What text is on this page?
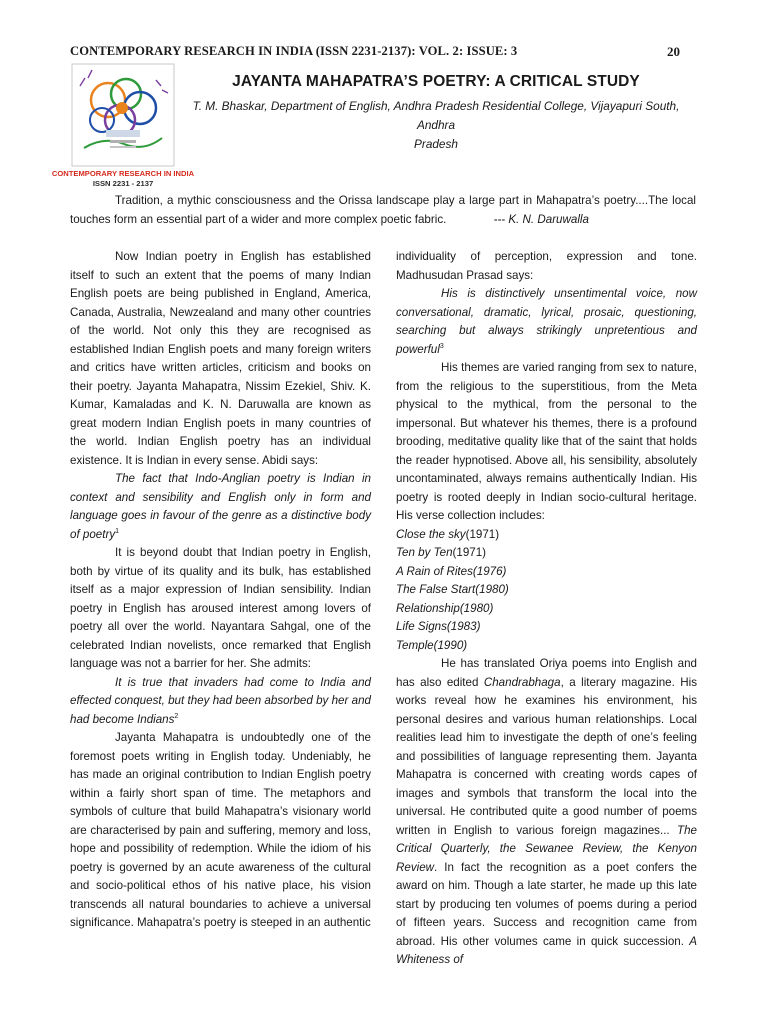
CONTEMPORARY RESEARCH IN INDIA (ISSN 2231-2137): VOL. 2: ISSUE: 3	20
CONTEMPORARY RESEARCH IN INDIA
ISSN 2231 - 2137
JAYANTA MAHAPATRA’S POETRY: A CRITICAL STUDY
T. M. Bhaskar, Department of English, Andhra Pradesh Residential College, Vijayapuri South, Andhra
Pradesh
Tradition, a mythic consciousness and the Orissa landscape play a large part in Mahapatra’s poetry....The local touches form an essential part of a wider and more complex poetic fabric.	--- K. N. Daruwalla

Now Indian poetry in English has established itself to such an extent that the poems of many Indian English poets are being published in England, America, Canada, Australia, Newzealand and many other countries of the world. Not only this they are recognised as established Indian English poets and many foreign writers and critics have written articles, criticism and books on their poetry. Jayanta Mahapatra, Nissim Ezekiel, Shiv. K. Kumar, Kamaladas and K. N. Daruwalla are known as great modern Indian English poets in many countries of the world. Indian English poetry has an individual existence. It is Indian in every sense. Abidi says:

The fact that Indo-Anglian poetry is Indian in context and sensibility and English only in form and language goes in favour of the genre as a distinctive body of poetry$^1$

It is beyond doubt that Indian poetry in English, both by virtue of its quality and its bulk, has established itself as a major expression of Indian sensibility. Indian poetry in English has aroused interest among lovers of poetry all over the world. Nayantara Sahgal, one of the celebrated Indian novelists, once remarked that English language was not a barrier for her. She admits:

It is true that invaders had come to India and effected conquest, but they had been absorbed by her and had become Indians$^2$

Jayanta Mahapatra is undoubtedly one of the foremost poets writing in English today. Undeniably, he has made an original contribution to Indian English poetry within a fairly short span of time. The metaphors and symbols of culture that build Mahapatra’s visionary world are characterised by pain and suffering, memory and loss, hope and possibility of redemption. While the idiom of his poetry is governed by an acute awareness of the cultural and socio-political ethos of his native place, his vision transcends all natural boundaries to achieve a universal significance. Mahapatra’s poetry is steeped in an authentic

individuality of perception, expression and tone. Madhusudan Prasad says:

His is distinctively unsentimental voice, now conversational, dramatic, lyrical, prosaic, questioning, searching but always strikingly unpretentious and powerful$^3$

His themes are varied ranging from sex to nature, from the religious to the superstitious, from the Meta physical to the mythical, from the personal to the impersonal. But whatever his themes, there is a profound brooding, meditative quality like that of the saint that holds the reader hypnotised. Above all, his sensibility, absolutely uncontaminated, always remains authentically Indian. His poetry is rooted deeply in Indian socio-cultural heritage. His verse collection includes:

Close the sky(1971)

Ten by Ten(1971)

A Rain of Rites(1976)

The False Start(1980)

Relationship(1980)

Life Signs(1983)

Temple(1990)

He has translated Oriya poems into English and has also edited Chandrabhaga, a literary magazine. His works reveal how he examines his environment, his personal desires and various human relationships. Local realities lead him to investigate the depth of one’s feeling and possibilities of language representing them. Jayanta Mahapatra is concerned with creating words capes of images and symbols that transform the local into the universal. He contributed quite a good number of poems written in English to various foreign magazines... The Critical Quarterly, the Sewanee Review, the Kenyon Review. In fact the recognition as a poet confers the award on him. Though a late starter, he made up this late start by producing ten volumes of poems during a period of fifteen years. Success and recognition came from abroad. His other volumes came in quick succession. A Whiteness of
